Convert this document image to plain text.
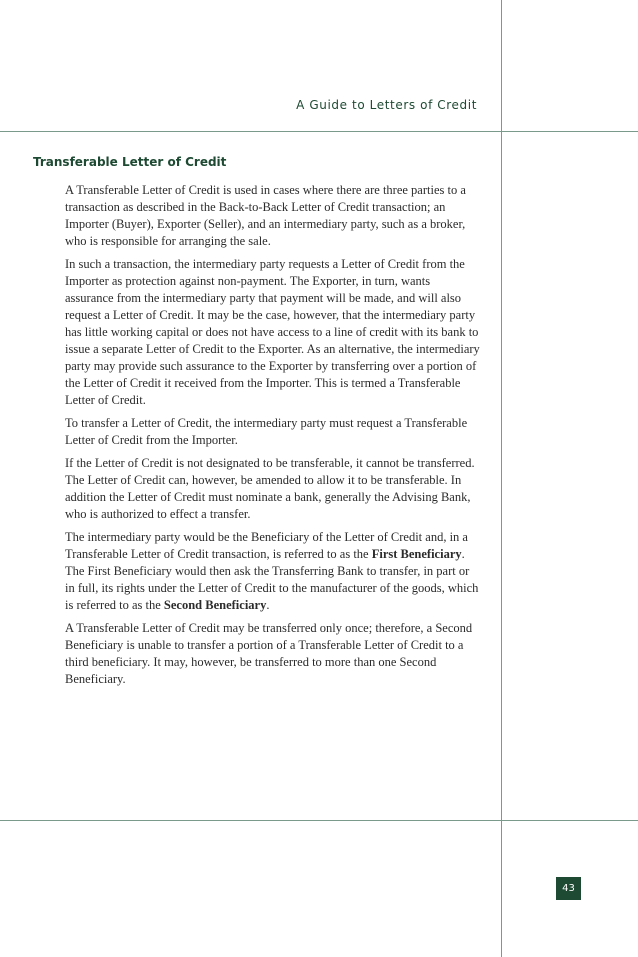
A Guide to Letters of Credit
Transferable Letter of Credit

A Transferable Letter of Credit is used in cases where there are three parties to a transaction as described in the Back-to-Back Letter of Credit transaction; an Importer (Buyer), Exporter (Seller), and an intermediary party, such as a broker, who is responsible for arranging the sale.

In such a transaction, the intermediary party requests a Letter of Credit from the Importer as protection against non-payment. The Exporter, in turn, wants assurance from the intermediary party that payment will be made, and will also request a Letter of Credit. It may be the case, however, that the intermediary party has little working capital or does not have access to a line of credit with its bank to issue a separate Letter of Credit to the Exporter. As an alternative, the intermediary party may provide such assurance to the Exporter by transferring over a portion of the Letter of Credit it received from the Importer. This is termed a Transferable Letter of Credit.

To transfer a Letter of Credit, the intermediary party must request a Transferable Letter of Credit from the Importer.

If the Letter of Credit is not designated to be transferable, it cannot be transferred. The Letter of Credit can, however, be amended to allow it to be transferable. In addition the Letter of Credit must nominate a bank, generally the Advising Bank, who is authorized to effect a transfer.

The intermediary party would be the Beneficiary of the Letter of Credit and, in a Transferable Letter of Credit transaction, is referred to as the First Beneficiary. The First Beneficiary would then ask the Transferring Bank to transfer, in part or in full, its rights under the Letter of Credit to the manufacturer of the goods, which is referred to as the Second Beneficiary.

A Transferable Letter of Credit may be transferred only once; therefore, a Second Beneficiary is unable to transfer a portion of a Transferable Letter of Credit to a third beneficiary. It may, however, be transferred to more than one Second Beneficiary.

43
